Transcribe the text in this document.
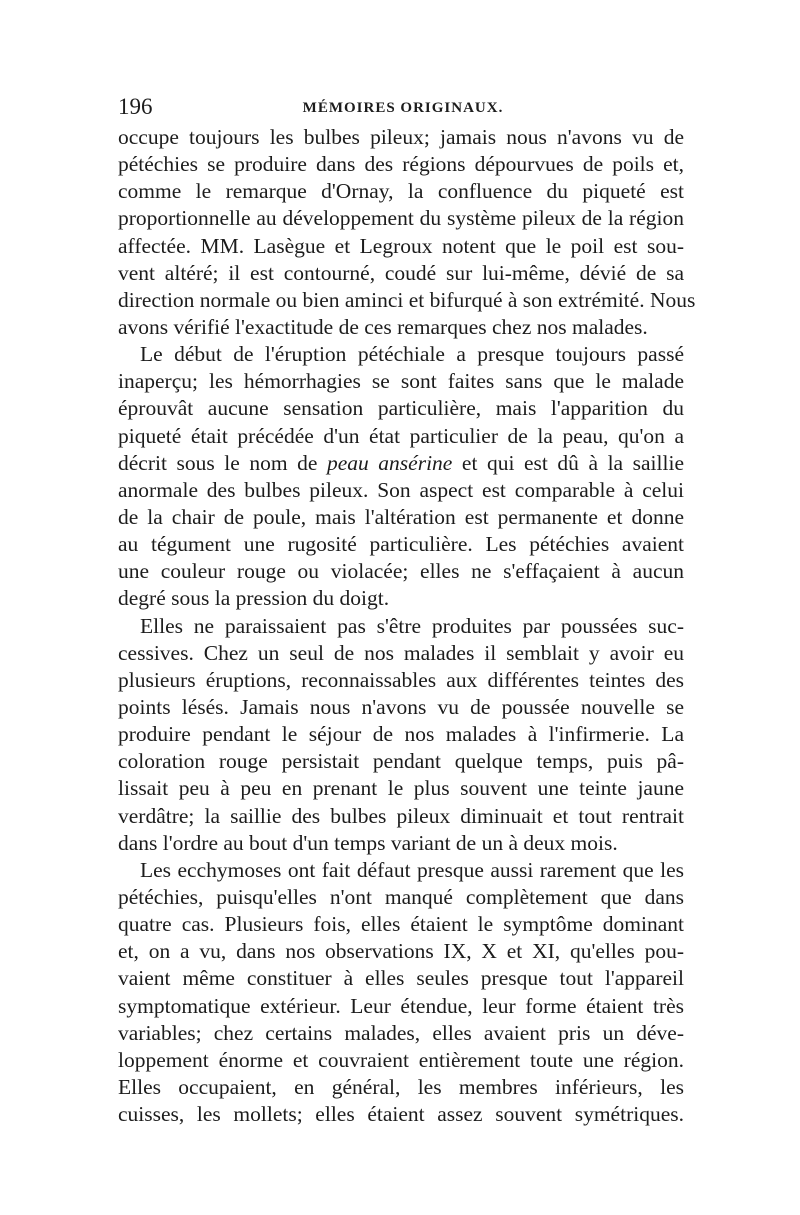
196	MÉMOIRES ORIGINAUX.
occupe toujours les bulbes pileux; jamais nous n'avons vu de
pétéchies se produire dans des régions dépourvues de poils et,
comme le remarque d'Ornay, la confluence du piqueté est
proportionnelle au développement du système pileux de la région
affectée. MM. Lasègue et Legroux notent que le poil est sou-
vent altéré; il est contourné, coudé sur lui-même, dévié de sa
direction normale ou bien aminci et bifurqué à son extrémité. Nous
avons vérifié l'exactitude de ces remarques chez nos malades.
Le début de l'éruption pétéchiale a presque toujours passé
inaperçu; les hémorrhagies se sont faites sans que le malade
éprouvât aucune sensation particulière, mais l'apparition du
piqueté était précédée d'un état particulier de la peau, qu'on a
décrit sous le nom de peau ansérine et qui est dû à la saillie
anormale des bulbes pileux. Son aspect est comparable à celui
de la chair de poule, mais l'altération est permanente et donne
au tégument une rugosité particulière. Les pétéchies avaient
une couleur rouge ou violacée; elles ne s'effaçaient à aucun
degré sous la pression du doigt.
Elles ne paraissaient pas s'être produites par poussées suc-
cessives. Chez un seul de nos malades il semblait y avoir eu
plusieurs éruptions, reconnaissables aux différentes teintes des
points lésés. Jamais nous n'avons vu de poussée nouvelle se
produire pendant le séjour de nos malades à l'infirmerie. La
coloration rouge persistait pendant quelque temps, puis pâ-
lissait peu à peu en prenant le plus souvent une teinte jaune
verdâtre; la saillie des bulbes pileux diminuait et tout rentrait
dans l'ordre au bout d'un temps variant de un à deux mois.
Les ecchymoses ont fait défaut presque aussi rarement que les
pétéchies, puisqu'elles n'ont manqué complètement que dans
quatre cas. Plusieurs fois, elles étaient le symptôme dominant
et, on a vu, dans nos observations IX, X et XI, qu'elles pou-
vaient même constituer à elles seules presque tout l'appareil
symptomatique extérieur. Leur étendue, leur forme étaient très
variables; chez certains malades, elles avaient pris un déve-
loppement énorme et couvraient entièrement toute une région.
Elles occupaient, en général, les membres inférieurs, les
cuisses, les mollets; elles étaient assez souvent symétriques.
